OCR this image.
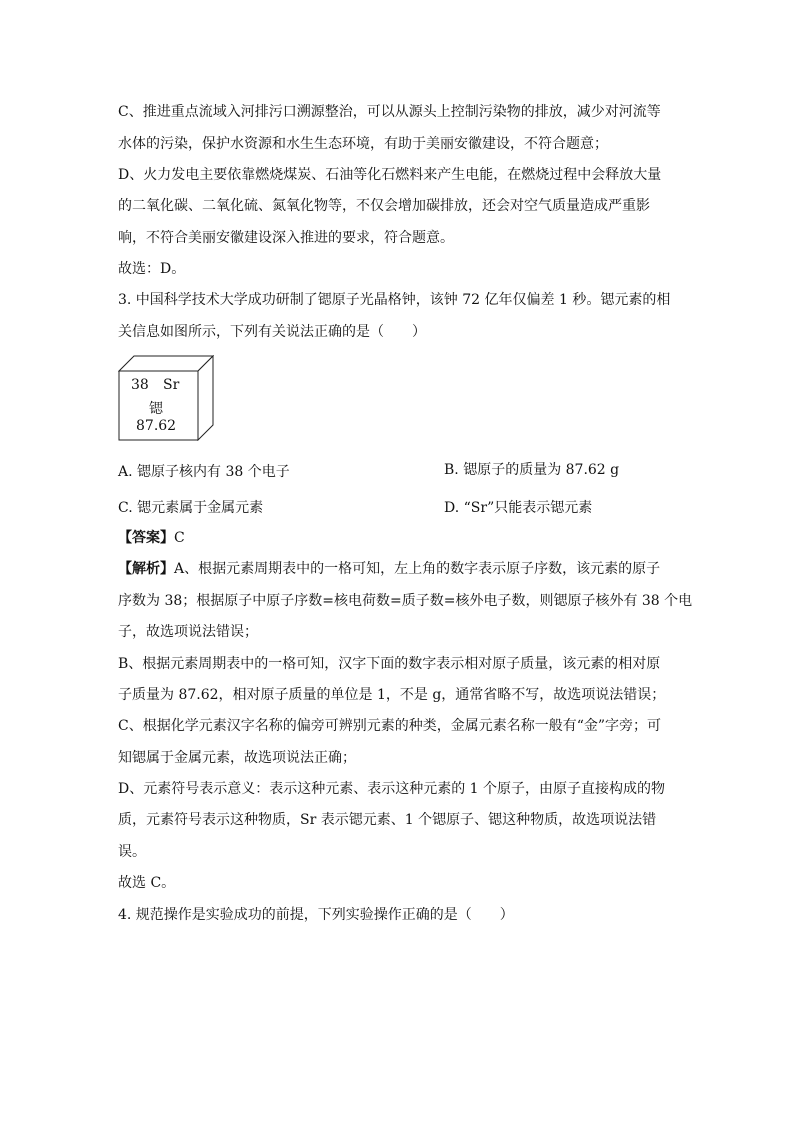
C、推进重点流域入河排污口溯源整治，可以从源头上控制污染物的排放，减少对河流等
水体的污染，保护水资源和水生生态环境，有助于美丽安徽建设，不符合题意；
D、火力发电主要依靠燃烧煤炭、石油等化石燃料来产生电能，在燃烧过程中会释放大量
的二氧化碳、二氧化硫、氮氧化物等，不仅会增加碳排放，还会对空气质量造成严重影
响，不符合美丽安徽建设深入推进的要求，符合题意。
故选：D。
3. 中国科学技术大学成功研制了锶原子光晶格钟，该钟 72 亿年仅偏差 1 秒。锶元素的相
关信息如图所示，下列有关说法正确的是（　　）
38 Sr
锶
87.62
A. 锶原子核内有 38 个电子	B. 锶原子的质量为 87.62 g
C. 锶元素属于金属元素	D. “Sr”只能表示锶元素
【答案】C
【解析】A、根据元素周期表中的一格可知，左上角的数字表示原子序数，该元素的原子
序数为 38；根据原子中原子序数=核电荷数=质子数=核外电子数，则锶原子核外有 38 个电
子，故选项说法错误；
B、根据元素周期表中的一格可知，汉字下面的数字表示相对原子质量，该元素的相对原
子质量为 87.62，相对原子质量的单位是 1，不是 g，通常省略不写，故选项说法错误；
C、根据化学元素汉字名称的偏旁可辨别元素的种类，金属元素名称一般有“金”字旁；可
知锶属于金属元素，故选项说法正确；
D、元素符号表示意义：表示这种元素、表示这种元素的 1 个原子，由原子直接构成的物
质，元素符号表示这种物质，Sr 表示锶元素、1 个锶原子、锶这种物质，故选项说法错
误。
故选 C。
4. 规范操作是实验成功的前提，下列实验操作正确的是（　　）
